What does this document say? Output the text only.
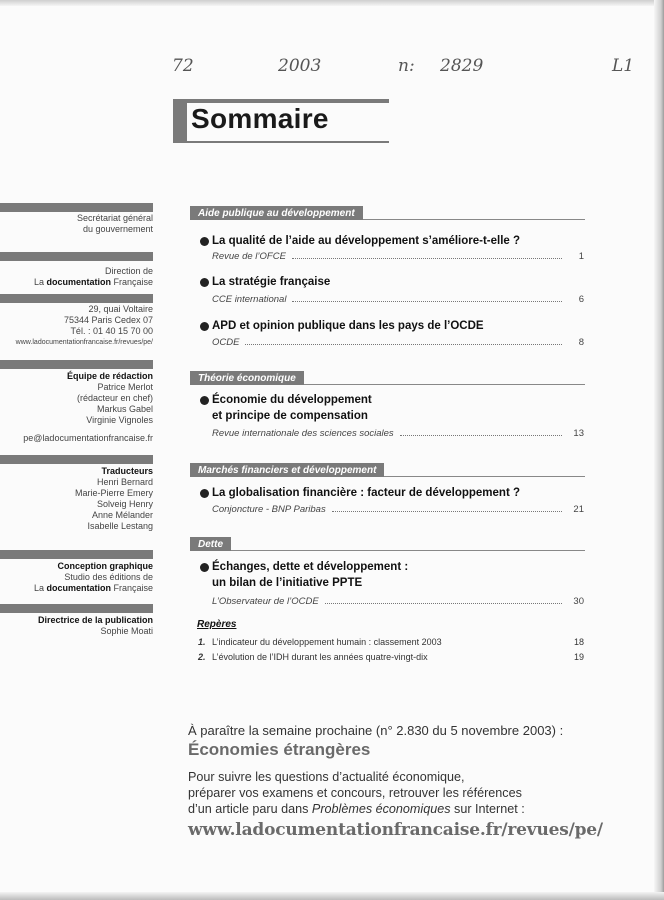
72	2003	n: 2829	L1
Sommaire
Secrétariat général
du gouvernement
Direction de
La documentation Française
29, quai Voltaire
75344 Paris Cedex 07
Tél. : 01 40 15 70 00
www.ladocumentationfrancaise.fr/revues/pe/
Équipe de rédaction
Patrice Merlot
(rédacteur en chef)
Markus Gabel
Virginie Vignoles
pe@ladocumentationfrancaise.fr
Traducteurs
Henri Bernard
Marie-Pierre Emery
Solveig Henry
Anne Mélander
Isabelle Lestang
Conception graphique
Studio des éditions de
La documentation Française
Directrice de la publication
Sophie Moati
Aide publique au développement
La qualité de l’aide au développement s’améliore-t-elle ?
Revue de l’OFCE	1
La stratégie française
CCE international	6
APD et opinion publique dans les pays de l’OCDE
OCDE	8
Théorie économique
Économie du développement
et principe de compensation
Revue internationale des sciences sociales	13
Marchés financiers et développement
La globalisation financière : facteur de développement ?
Conjoncture - BNP Paribas	21
Dette
Échanges, dette et développement :
un bilan de l’initiative PPTE
L’Observateur de l’OCDE	30
Repères
1. L’indicateur du développement humain : classement 2003	18
2. L’évolution de l’IDH durant les années quatre-vingt-dix	19
À paraître la semaine prochaine (n° 2.830 du 5 novembre 2003) :
Économies étrangères
Pour suivre les questions d’actualité économique,
préparer vos examens et concours, retrouver les références
d’un article paru dans Problèmes économiques sur Internet :
www.ladocumentationfrancaise.fr/revues/pe/
